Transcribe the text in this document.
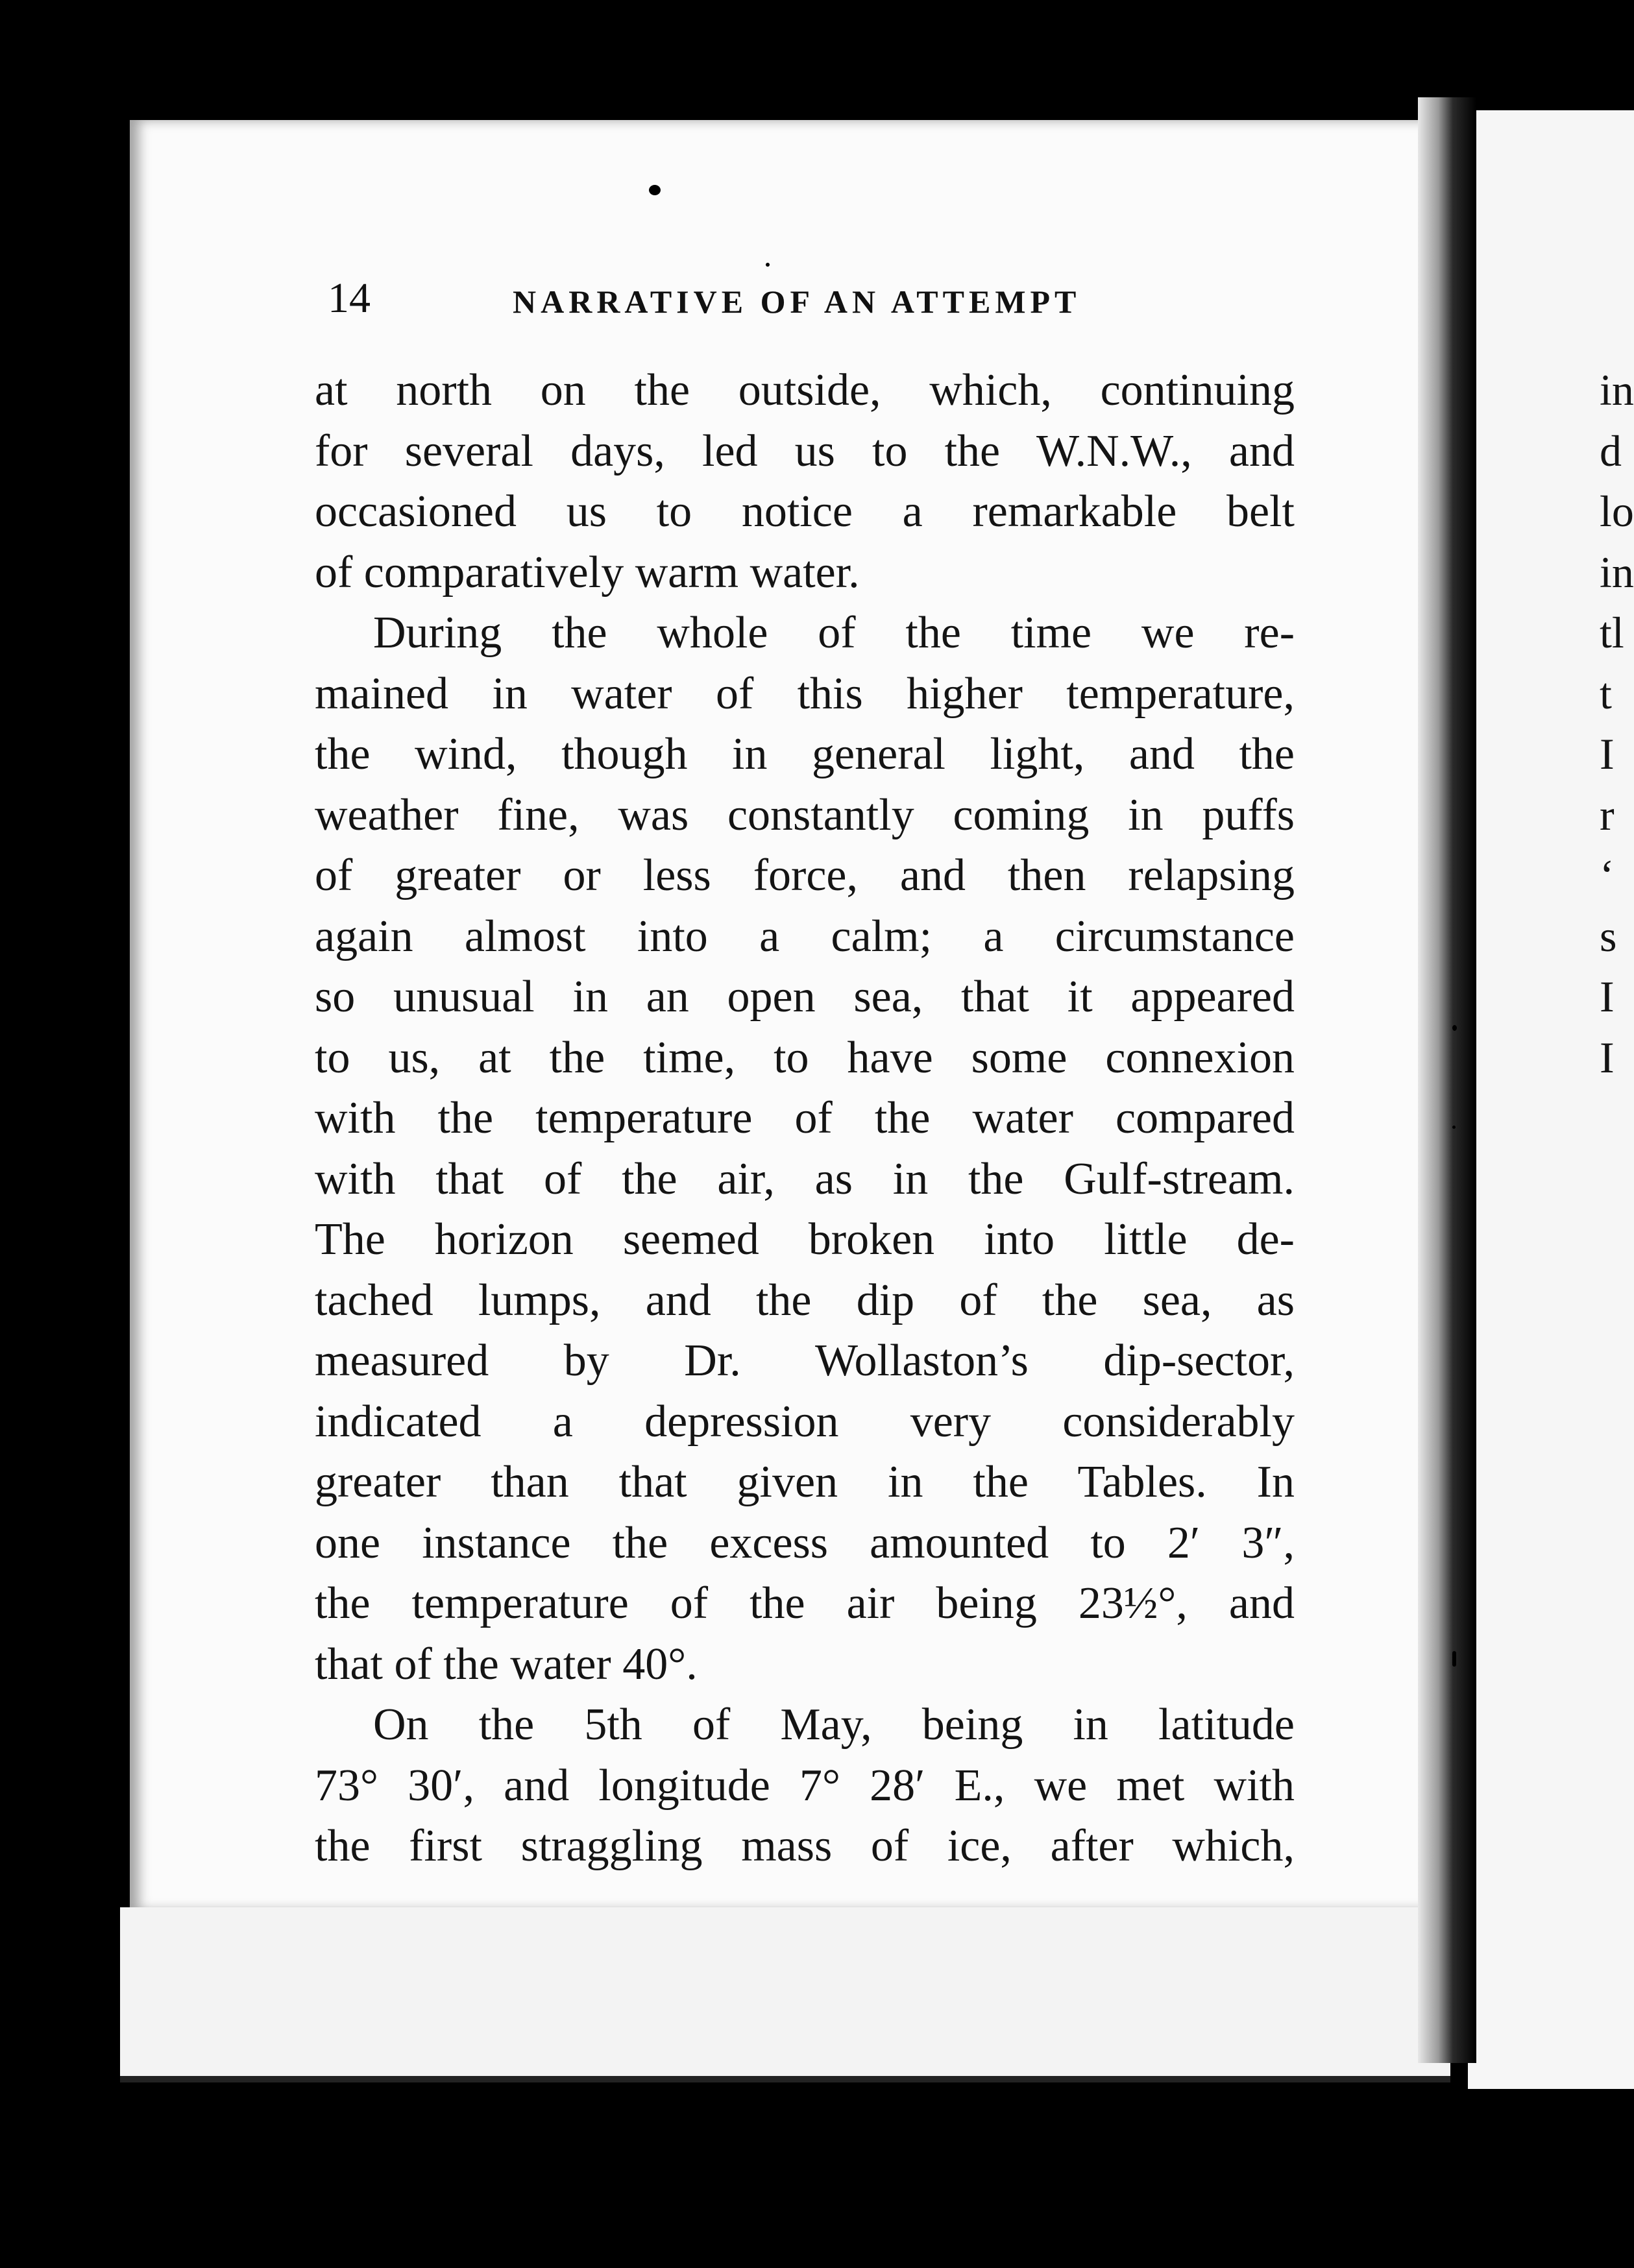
14	NARRATIVE OF AN ATTEMPT
at north on the outside, which, continuing
for several days, led us to the W.N.W., and
occasioned us to notice a remarkable belt
of comparatively warm water.
During the whole of the time we re-
mained in water of this higher temperature,
the wind, though in general light, and the
weather fine, was constantly coming in puffs
of greater or less force, and then relapsing
again almost into a calm; a circumstance
so unusual in an open sea, that it appeared
to us, at the time, to have some connexion
with the temperature of the water compared
with that of the air, as in the Gulf-stream.
The horizon seemed broken into little de-
tached lumps, and the dip of the sea, as
measured by Dr. Wollaston’s dip-sector,
indicated a depression very considerably
greater than that given in the Tables. In
one instance the excess amounted to 2′ 3″,
the temperature of the air being 23½°, and
that of the water 40°.
On the 5th of May, being in latitude
73° 30′, and longitude 7° 28′ E., we met with
the first straggling mass of ice, after which,
in
d
lo
in
tl
t
I
r
‘
s
I
I
